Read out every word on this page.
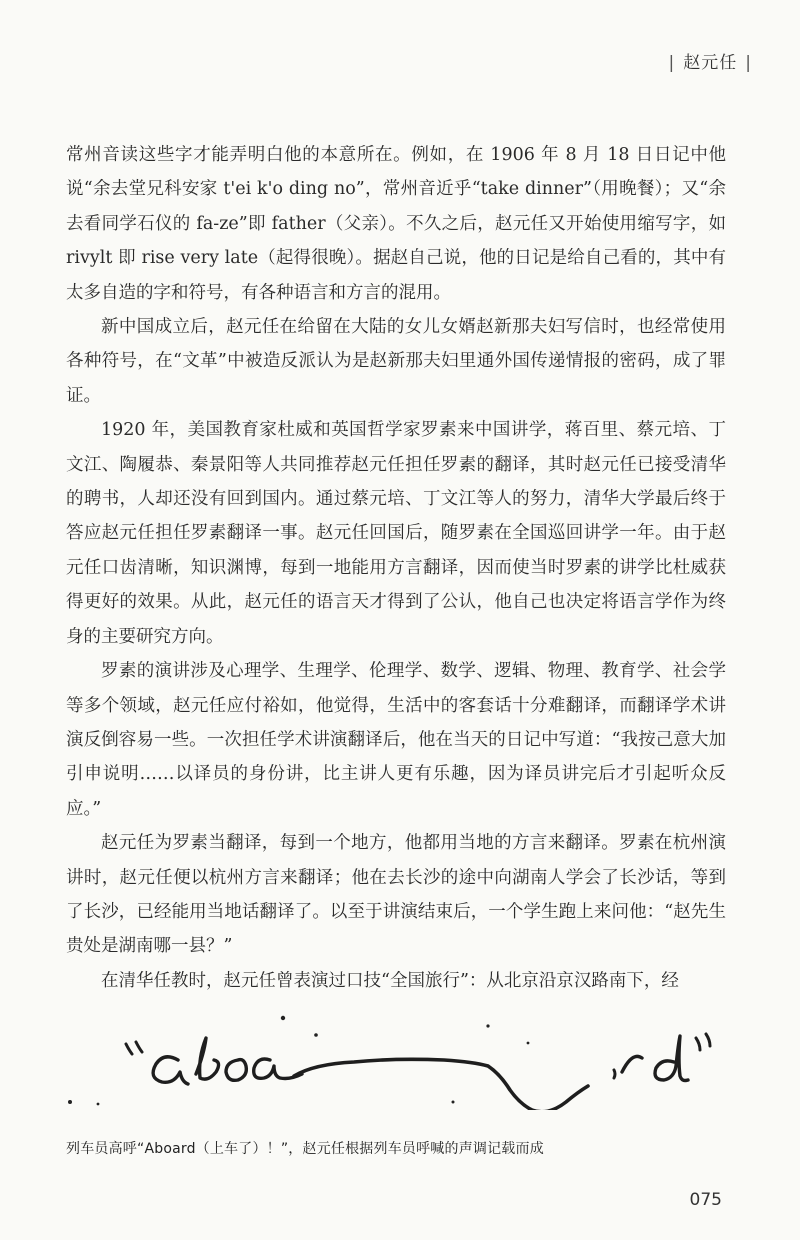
| 赵元任 |

常州音读这些字才能弄明白他的本意所在。例如，在 1906 年 8 月 18 日日记中他说“余去堂兄科安家 t'ei k'o ding no”，常州音近乎“take dinner”（用晚餐）；又“余去看同学石仪的 fa-ze”即 father（父亲）。不久之后，赵元任又开始使用缩写字，如 rivylt 即 rise very late（起得很晚）。据赵自己说，他的日记是给自己看的，其中有太多自造的字和符号，有各种语言和方言的混用。

新中国成立后，赵元任在给留在大陆的女儿女婿赵新那夫妇写信时，也经常使用各种符号，在“文革”中被造反派认为是赵新那夫妇里通外国传递情报的密码，成了罪证。

1920 年，美国教育家杜威和英国哲学家罗素来中国讲学，蒋百里、蔡元培、丁文江、陶履恭、秦景阳等人共同推荐赵元任担任罗素的翻译，其时赵元任已接受清华的聘书，人却还没有回到国内。通过蔡元培、丁文江等人的努力，清华大学最后终于答应赵元任担任罗素翻译一事。赵元任回国后，随罗素在全国巡回讲学一年。由于赵元任口齿清晰，知识渊博，每到一地能用方言翻译，因而使当时罗素的讲学比杜威获得更好的效果。从此，赵元任的语言天才得到了公认，他自己也决定将语言学作为终身的主要研究方向。

罗素的演讲涉及心理学、生理学、伦理学、数学、逻辑、物理、教育学、社会学等多个领域，赵元任应付裕如，他觉得，生活中的客套话十分难翻译，而翻译学术讲演反倒容易一些。一次担任学术讲演翻译后，他在当天的日记中写道：“我按己意大加引申说明……以译员的身份讲，比主讲人更有乐趣，因为译员讲完后才引起听众反应。”

赵元任为罗素当翻译，每到一个地方，他都用当地的方言来翻译。罗素在杭州演讲时，赵元任便以杭州方言来翻译；他在去长沙的途中向湖南人学会了长沙话，等到了长沙，已经能用当地话翻译了。以至于讲演结束后，一个学生跑上来问他：“赵先生贵处是湖南哪一县？”

在清华任教时，赵元任曾表演过口技“全国旅行”：从北京沿京汉路南下，经

列车员高呼“Aboard（上车了）！”，赵元任根据列车员呼喊的声调记载而成
075
